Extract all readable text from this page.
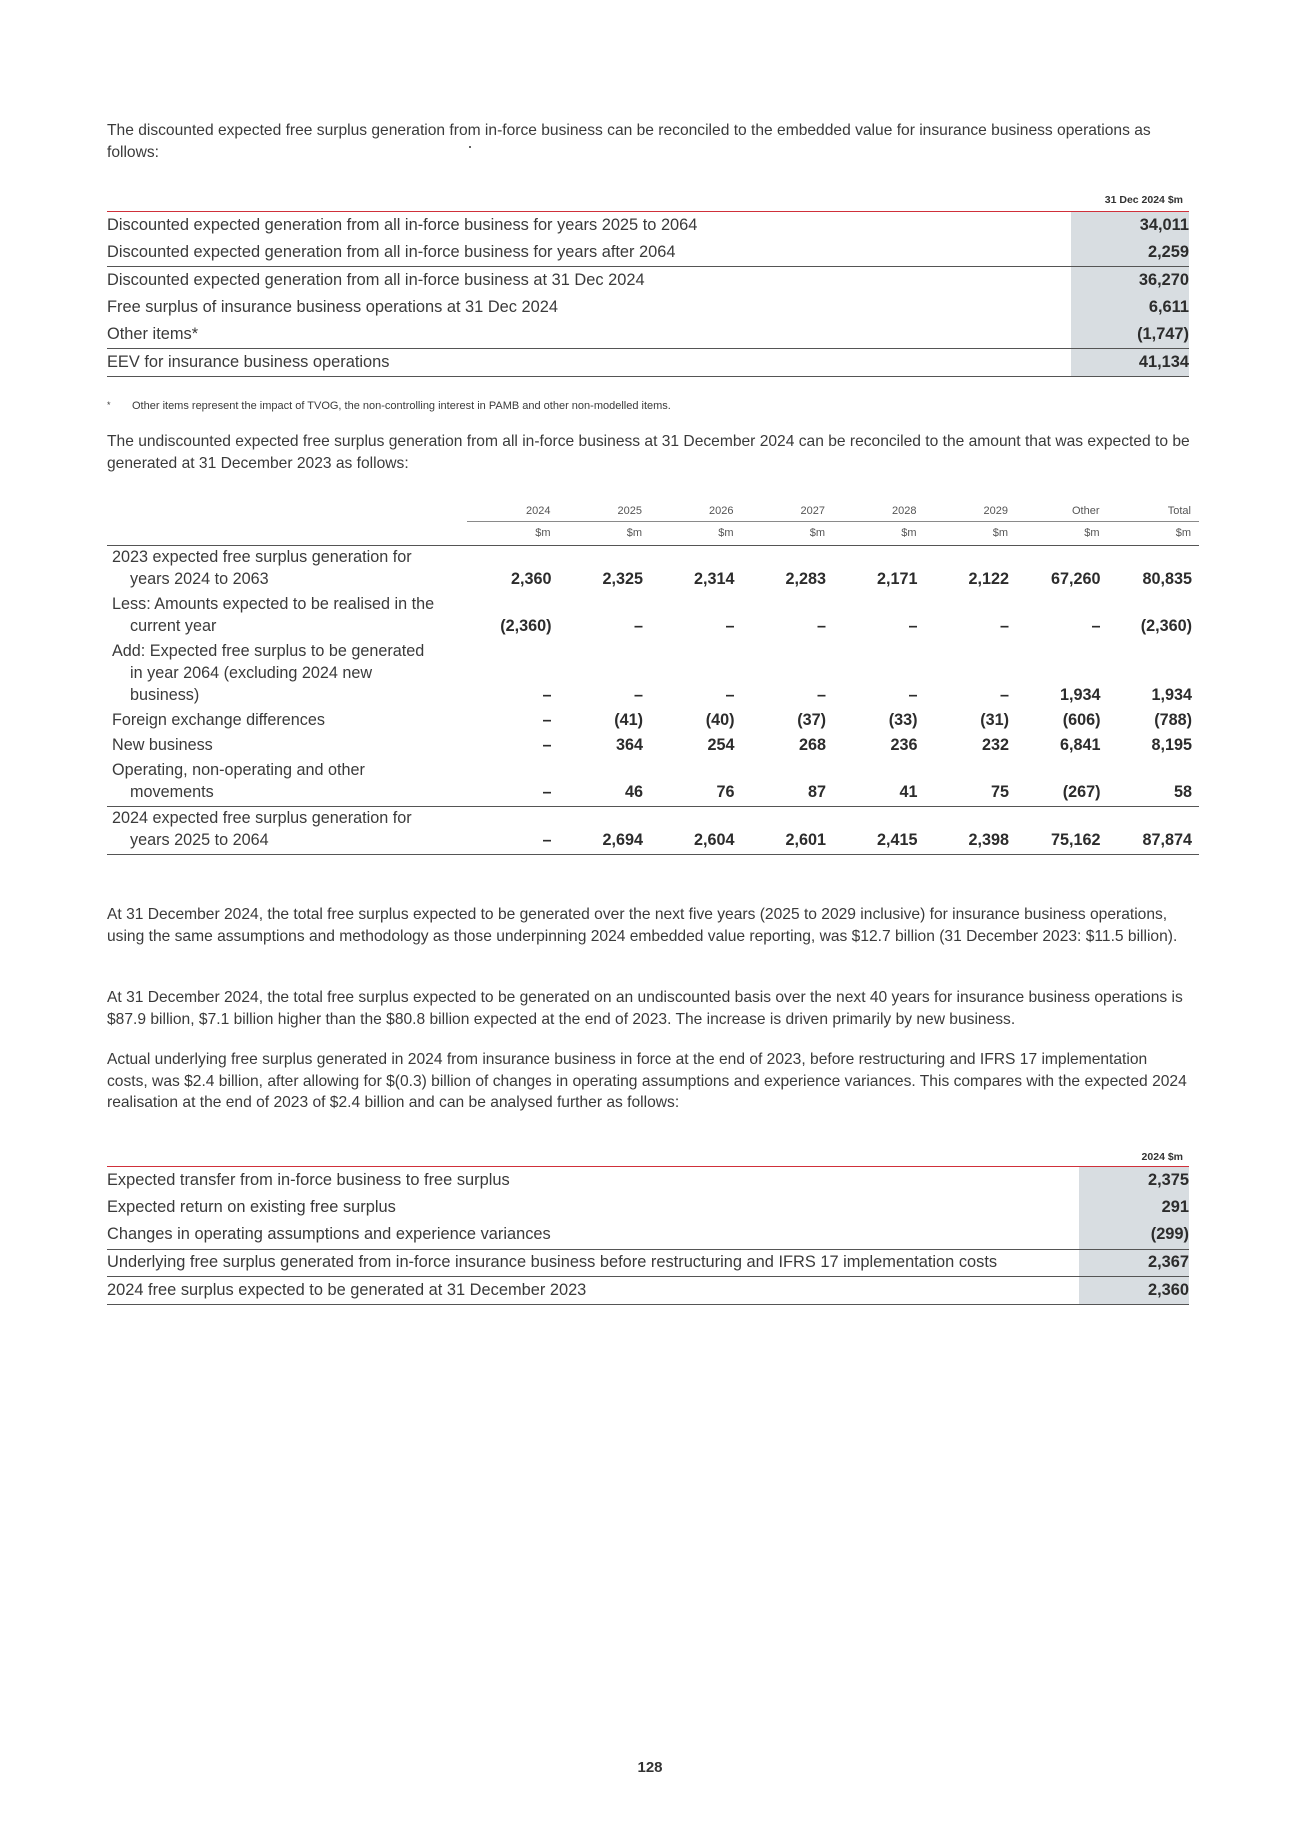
The discounted expected free surplus generation from in-force business can be reconciled to the embedded value for insurance business operations as follows:

	31 Dec 2024 $m
Discounted expected generation from all in-force business for years 2025 to 2064	34,011
Discounted expected generation from all in-force business for years after 2064	2,259
Discounted expected generation from all in-force business at 31 Dec 2024	36,270
Free surplus of insurance business operations at 31 Dec 2024	6,611
Other items*	(1,747)
EEV for insurance business operations	41,134
* Other items represent the impact of TVOG, the non-controlling interest in PAMB and other non-modelled items.

The undiscounted expected free surplus generation from all in-force business at 31 December 2024 can be reconciled to the amount that was expected to be generated at 31 December 2023 as follows:

	2024	2025	2026	2027	2028	2029	Other	Total
	$m	$m	$m	$m	$m	$m	$m	$m

2023 expected free surplus generation for
years 2024 to 2063	2,360	2,325	2,314	2,283	2,171	2,122	67,260	80,835

Less: Amounts expected to be realised in the
current year	(2,360)	–	–	–	–	–	–	(2,360)

Add: Expected free surplus to be generated
in year 2064 (excluding 2024 new
business)	–	–	–	–	–	–	1,934	1,934

Foreign exchange differences	–	(41)	(40)	(37)	(33)	(31)	(606)	(788)

New business	–	364	254	268	236	232	6,841	8,195

Operating, non-operating and other
movements	–	46	76	87	41	75	(267)	58

2024 expected free surplus generation for
years 2025 to 2064	–	2,694	2,604	2,601	2,415	2,398	75,162	87,874

At 31 December 2024, the total free surplus expected to be generated over the next five years (2025 to 2029 inclusive) for insurance business operations, using the same assumptions and methodology as those underpinning 2024 embedded value reporting, was $12.7 billion (31 December 2023: $11.5 billion).

At 31 December 2024, the total free surplus expected to be generated on an undiscounted basis over the next 40 years for insurance business operations is $87.9 billion, $7.1 billion higher than the $80.8 billion expected at the end of 2023. The increase is driven primarily by new business.

Actual underlying free surplus generated in 2024 from insurance business in force at the end of 2023, before restructuring and IFRS 17 implementation costs, was $2.4 billion, after allowing for $(0.3) billion of changes in operating assumptions and experience variances. This compares with the expected 2024 realisation at the end of 2023 of $2.4 billion and can be analysed further as follows:

	2024 $m
Expected transfer from in-force business to free surplus	2,375
Expected return on existing free surplus	291
Changes in operating assumptions and experience variances	(299)
Underlying free surplus generated from in-force insurance business before restructuring and IFRS 17 implementation costs	2,367
2024 free surplus expected to be generated at 31 December 2023	2,360
128
